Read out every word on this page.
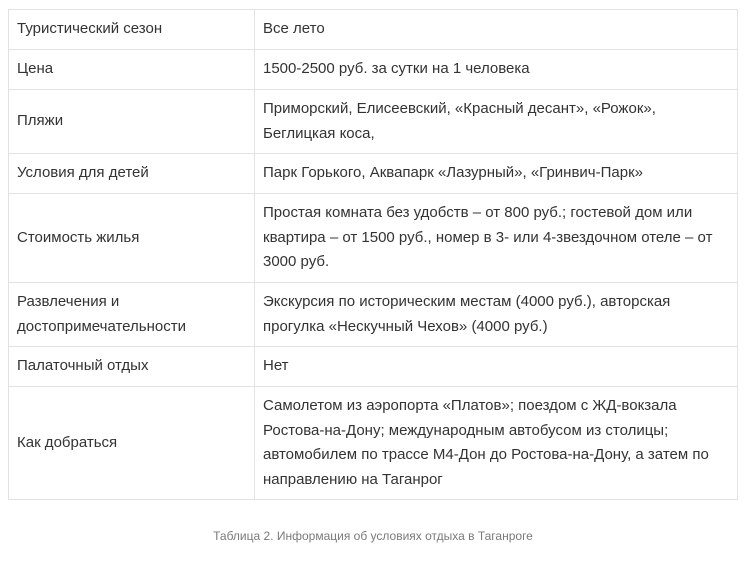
Туристический сезон	Все лето
Цена	1500-2500 руб. за сутки на 1 человека
Пляжи	Приморский, Елисеевский, «Красный десант», «Рожок», Беглицкая коса,
Условия для детей	Парк Горького, Аквапарк «Лазурный», «Гринвич-Парк»
Стоимость жилья	Простая комната без удобств – от 800 руб.; гостевой дом или квартира – от 1500 руб., номер в 3- или 4-звездочном отеле – от 3000 руб.
Развлечения и достопримечательности	Экскурсия по историческим местам (4000 руб.), авторская прогулка «Нескучный Чехов» (4000 руб.)
Палаточный отдых	Нет
Как добраться	Самолетом из аэропорта «Платов»; поездом с ЖД-вокзала Ростова-на-Дону; международным автобусом из столицы; автомобилем по трассе М4-Дон до Ростова-на-Дону, а затем по направлению на Таганрог
Таблица 2. Информация об условиях отдыха в Таганроге
